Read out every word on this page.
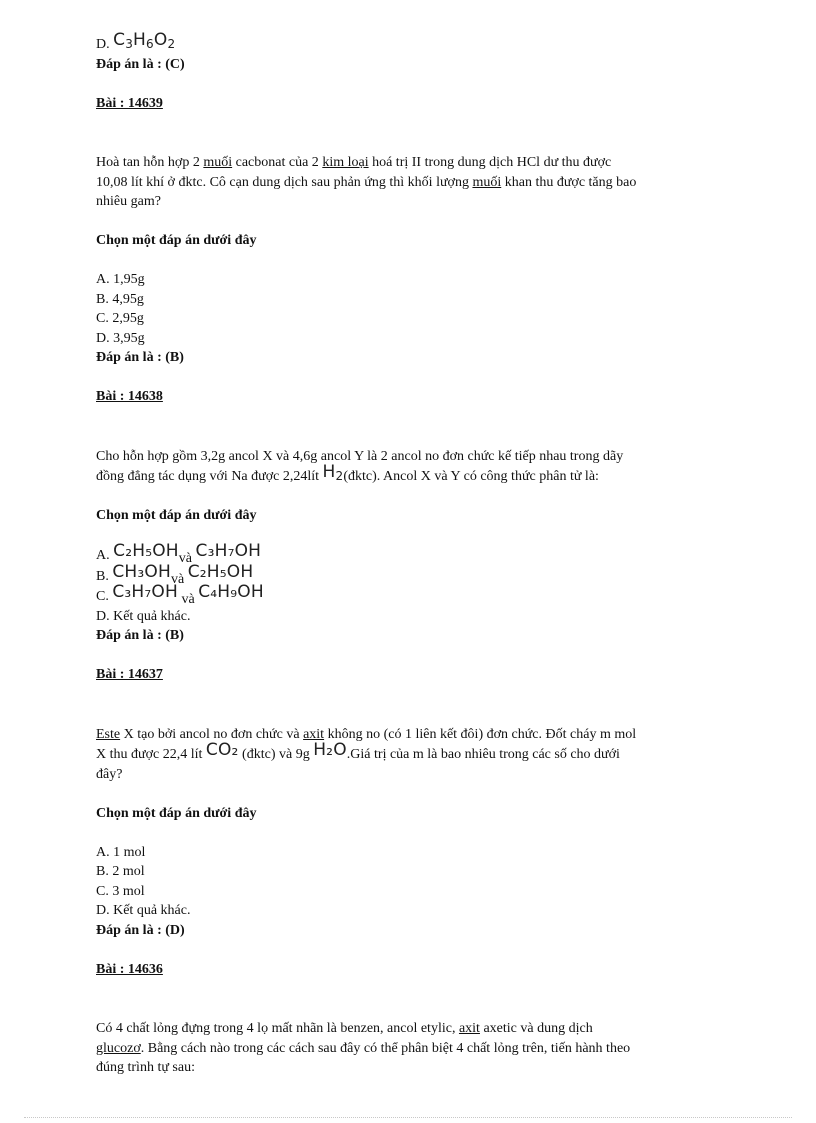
D. $C_3H_6O_2$
Đáp án là : (C)
Bài : 14639
Hoà tan hỗn hợp 2 muối cacbonat của 2 kim loại hoá trị II trong dung dịch HCl dư thu được
10,08 lít khí ở đktc. Cô cạn dung dịch sau phản ứng thì khối lượng muối khan thu được tăng bao
nhiêu gam?
Chọn một đáp án dưới đây
A. 1,95g
B. 4,95g
C. 2,95g
D. 3,95g
Đáp án là : (B)
Bài : 14638
Cho hỗn hợp gồm 3,2g ancol X và 4,6g ancol Y là 2 ancol no đơn chức kế tiếp nhau trong dãy
đồng đẳng tác dụng với Na được 2,24lít $H_2(đktc)$. Ancol X và Y có công thức phân tử là:
Chọn một đáp án dưới đây
A. C₂H₅OHvà C₃H₇OH
B. CH₃OHvà C₂H₅OH
C. C₃H₇OH và C₄H₉OH
D. Kết quả khác.
Đáp án là : (B)
Bài : 14637
Este X tạo bởi ancol no đơn chức và axit không no (có 1 liên kết đôi) đơn chức. Đốt cháy m mol
X thu được 22,4 lít CO₂ (đktc) và 9g H₂O.Giá trị của m là bao nhiêu trong các số cho dưới
đây?
Chọn một đáp án dưới đây
A. 1 mol
B. 2 mol
C. 3 mol
D. Kết quả khác.
Đáp án là : (D)
Bài : 14636
Có 4 chất lỏng đựng trong 4 lọ mất nhãn là benzen, ancol etylic, axit axetic và dung dịch
glucozơ. Bằng cách nào trong các cách sau đây có thể phân biệt 4 chất lỏng trên, tiến hành theo
đúng trình tự sau:
